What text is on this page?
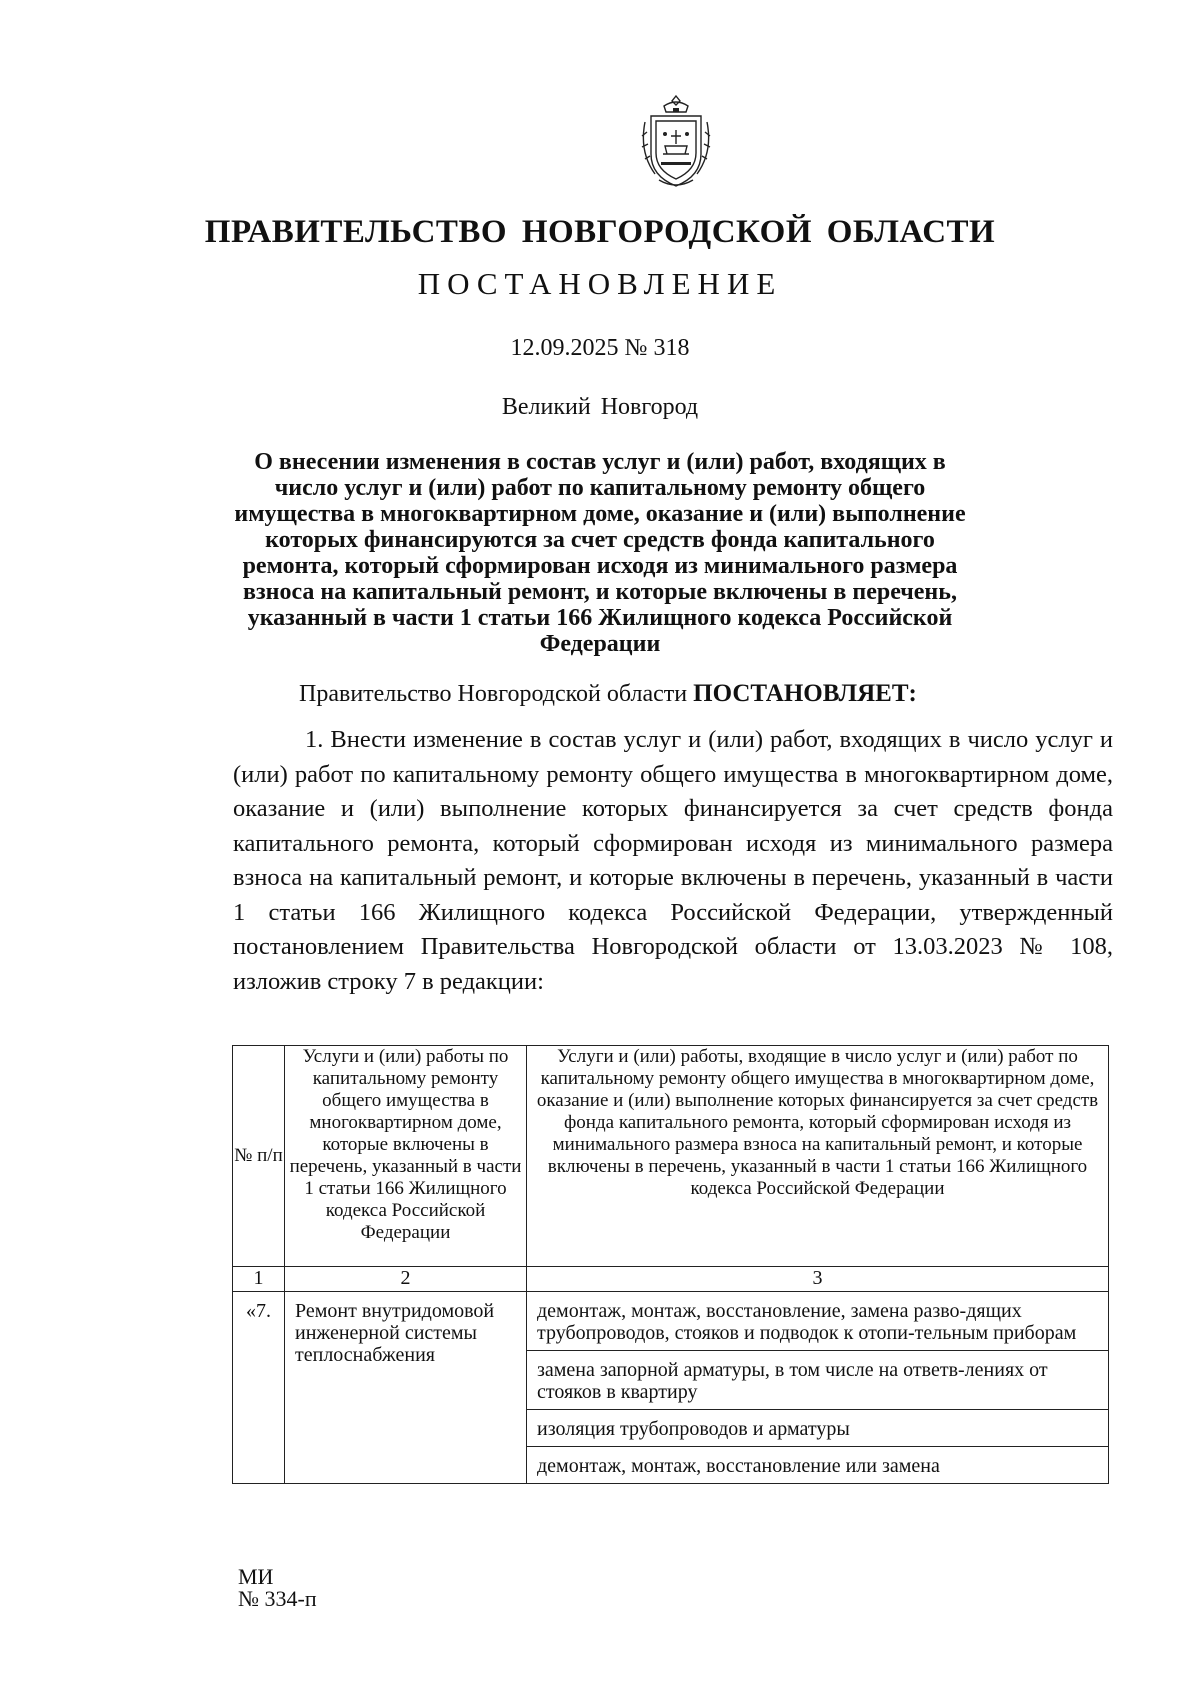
ПРАВИТЕЛЬСТВО НОВГОРОДСКОЙ ОБЛАСТИ
ПОСТАНОВЛЕНИЕ
12.09.2025 № 318
Великий Новгород
О внесении изменения в состав услуг и (или) работ, входящих в число услуг и (или) работ по капитальному ремонту общего имущества в многоквартирном доме, оказание и (или) выполнение которых финансируются за счет средств фонда капитального ремонта, который сформирован исходя из минимального размера взноса на капитальный ремонт, и которые включены в перечень, указанный в части 1 статьи 166 Жилищного кодекса Российской Федерации
Правительство Новгородской области ПОСТАНОВЛЯЕТ:
1. Внести изменение в состав услуг и (или) работ, входящих в число услуг и (или) работ по капитальному ремонту общего имущества в многоквартирном доме, оказание и (или) выполнение которых финансируется за счет средств фонда капитального ремонта, который сформирован исходя из минимального размера взноса на капитальный ремонт, и которые включены в перечень, указанный в части 1 статьи 166 Жилищного кодекса Российской Федерации, утвержденный постановлением Правительства Новгородской области от 13.03.2023 № 108, изложив строку 7 в редакции:
№ п/п	Услуги и (или) работы по капитальному ремонту общего имущества в многоквартирном доме, которые включены в перечень, указанный в части 1 статьи 166 Жилищного кодекса Российской Федерации	Услуги и (или) работы, входящие в число услуг и (или) работ по капитальному ремонту общего имущества в многоквартирном доме, оказание и (или) выполнение которых финансируется за счет средств фонда капитального ремонта, который сформирован исходя из минимального размера взноса на капитальный ремонт, и которые включены в перечень, указанный в части 1 статьи 166 Жилищного кодекса Российской Федерации
1	2	3
«7.	Ремонт внутридомовой инженерной системы теплоснабжения	демонтаж, монтаж, восстановление, замена разво-дящих трубопроводов, стояков и подводок к отопи-тельным приборам
замена запорной арматуры, в том числе на ответв-лениях от стояков в квартиру
изоляция трубопроводов и арматуры
демонтаж, монтаж, восстановление или замена
МИ
№ 334-п
